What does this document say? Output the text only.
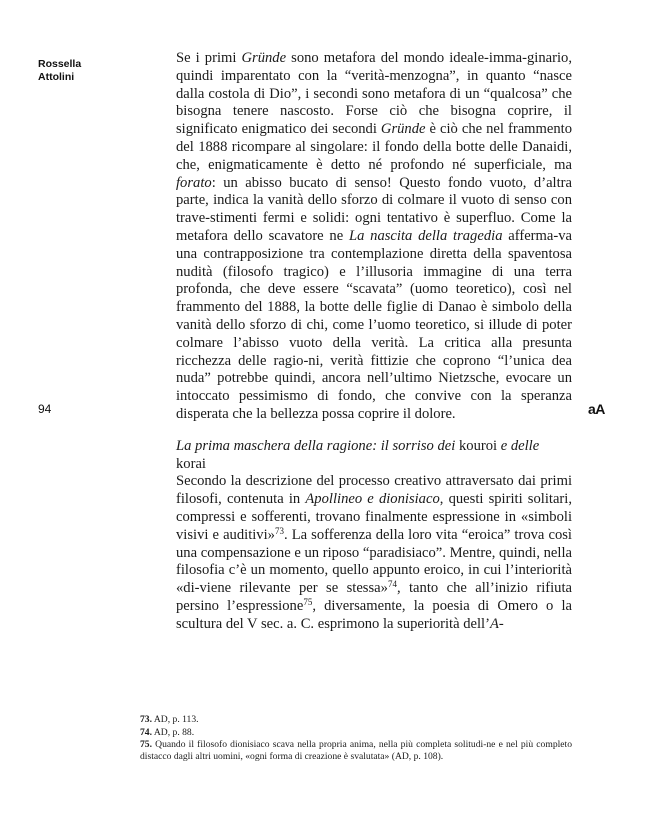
Rossella
Attolini
94	aA

Se i primi Gründe sono metafora del mondo ideale-imma-ginario, quindi imparentato con la “verità-menzogna”, in quanto “nasce dalla costola di Dio”, i secondi sono metafora di un “qualcosa” che bisogna tenere nascosto. Forse ciò che bisogna coprire, il significato enigmatico dei secondi Gründe è ciò che nel frammento del 1888 ricompare al singolare: il fondo della botte delle Danaidi, che, enigmaticamente è detto né profondo né superficiale, ma forato: un abisso bucato di senso! Questo fondo vuoto, d’altra parte, indica la vanità dello sforzo di colmare il vuoto di senso con trave-stimenti fermi e solidi: ogni tentativo è superfluo. Come la metafora dello scavatore ne La nascita della tragedia afferma-va una contrapposizione tra contemplazione diretta della spaventosa nudità (filosofo tragico) e l’illusoria immagine di una terra profonda, che deve essere “scavata” (uomo teoretico), così nel frammento del 1888, la botte delle figlie di Danao è simbolo della vanità dello sforzo di chi, come l’uomo teoretico, si illude di poter colmare l’abisso vuoto della verità. La critica alla presunta ricchezza delle ragio-ni, verità fittizie che coprono “l’unica dea nuda” potrebbe quindi, ancora nell’ultimo Nietzsche, evocare un intoccato pessimismo di fondo, che convive con la speranza disperata che la bellezza possa coprire il dolore.

La prima maschera della ragione: il sorriso dei kouroi e delle
korai

Secondo la descrizione del processo creativo attraversato dai primi filosofi, contenuta in Apollineo e dionisiaco, questi spiriti solitari, compressi e sofferenti, trovano finalmente espressione in «simboli visivi e auditivi»$^{73}$. La sofferenza della loro vita “eroica” trova così una compensazione e un riposo “paradisiaco”. Mentre, quindi, nella filosofia c’è un momento, quello appunto eroico, in cui l’interiorità «di-viene rilevante per se stessa»$^{74}$, tanto che all’inizio rifiuta persino l’espressione$^{75}$, diversamente, la poesia di Omero o la scultura del V sec. a. C. esprimono la superiorità dell’A-

73. AD, p. 113.

74. AD, p. 88.

75. Quando il filosofo dionisiaco scava nella propria anima, nella più completa solitudi-ne e nel più completo distacco dagli altri uomini, «ogni forma di creazione è svalutata» (AD, p. 108).
